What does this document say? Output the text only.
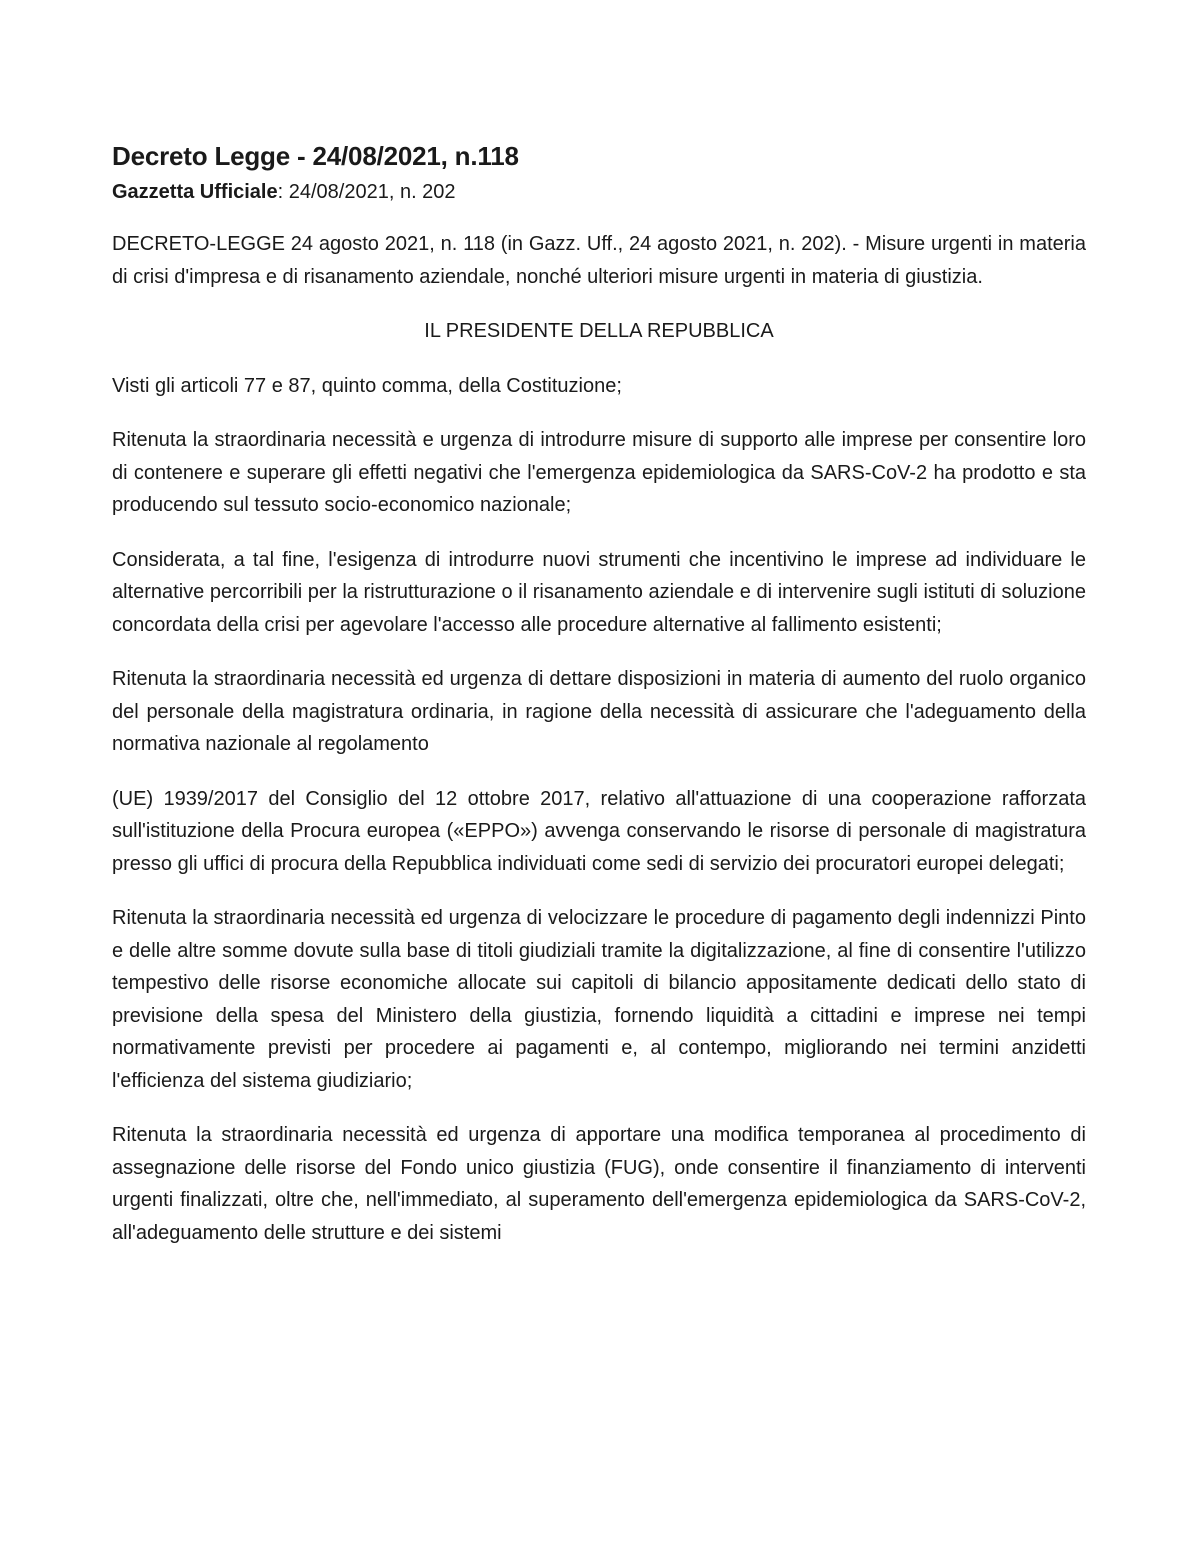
Decreto Legge - 24/08/2021, n.118

Gazzetta Ufficiale: 24/08/2021, n. 202

DECRETO-LEGGE 24 agosto 2021, n. 118 (in Gazz. Uff., 24 agosto 2021, n. 202). - Misure urgenti in materia di crisi d'impresa e di risanamento aziendale, nonché ulteriori misure urgenti in materia di giustizia.

IL PRESIDENTE DELLA REPUBBLICA

Visti gli articoli 77 e 87, quinto comma, della Costituzione;

Ritenuta la straordinaria necessità e urgenza di introdurre misure di supporto alle imprese per consentire loro di contenere e superare gli effetti negativi che l'emergenza epidemiologica da SARS-CoV-2 ha prodotto e sta producendo sul tessuto socio-economico nazionale;

Considerata, a tal fine, l'esigenza di introdurre nuovi strumenti che incentivino le imprese ad individuare le alternative percorribili per la ristrutturazione o il risanamento aziendale e di intervenire sugli istituti di soluzione concordata della crisi per agevolare l'accesso alle procedure alternative al fallimento esistenti;

Ritenuta la straordinaria necessità ed urgenza di dettare disposizioni in materia di aumento del ruolo organico del personale della magistratura ordinaria, in ragione della necessità di assicurare che l'adeguamento della normativa nazionale al regolamento

(UE) 1939/2017 del Consiglio del 12 ottobre 2017, relativo all'attuazione di una cooperazione rafforzata sull'istituzione della Procura europea («EPPO») avvenga conservando le risorse di personale di magistratura presso gli uffici di procura della Repubblica individuati come sedi di servizio dei procuratori europei delegati;

Ritenuta la straordinaria necessità ed urgenza di velocizzare le procedure di pagamento degli indennizzi Pinto e delle altre somme dovute sulla base di titoli giudiziali tramite la digitalizzazione, al fine di consentire l'utilizzo tempestivo delle risorse economiche allocate sui capitoli di bilancio appositamente dedicati dello stato di previsione della spesa del Ministero della giustizia, fornendo liquidità a cittadini e imprese nei tempi normativamente previsti per procedere ai pagamenti e, al contempo, migliorando nei termini anzidetti l'efficienza del sistema giudiziario;

Ritenuta la straordinaria necessità ed urgenza di apportare una modifica temporanea al procedimento di assegnazione delle risorse del Fondo unico giustizia (FUG), onde consentire il finanziamento di interventi urgenti finalizzati, oltre che, nell'immediato, al superamento dell'emergenza epidemiologica da SARS-CoV-2, all'adeguamento delle strutture e dei sistemi
